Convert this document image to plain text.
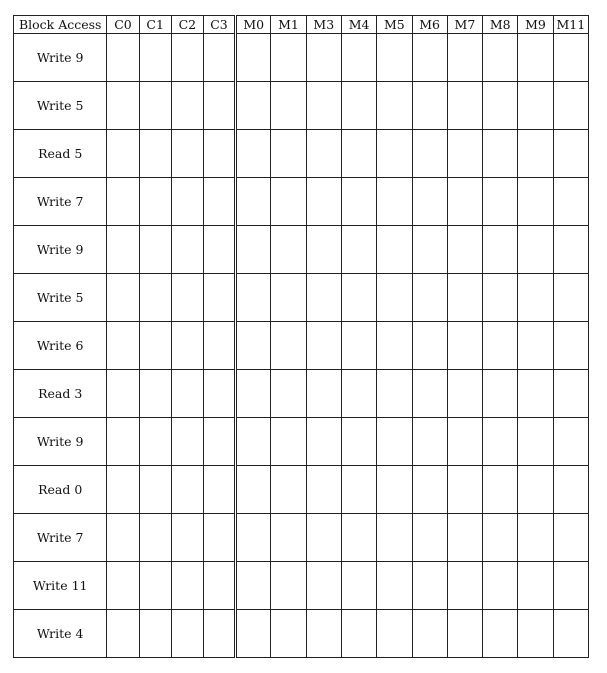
Block Access	C0	C1	C2	C3	M0	M1	M3	M4	M5	M6	M7	M8	M9	M11
Write 9														
Write 5														
Read 5														
Write 7														
Write 9														
Write 5														
Write 6														
Read 3														
Write 9														
Read 0														
Write 7														
Write 11														
Write 4														
